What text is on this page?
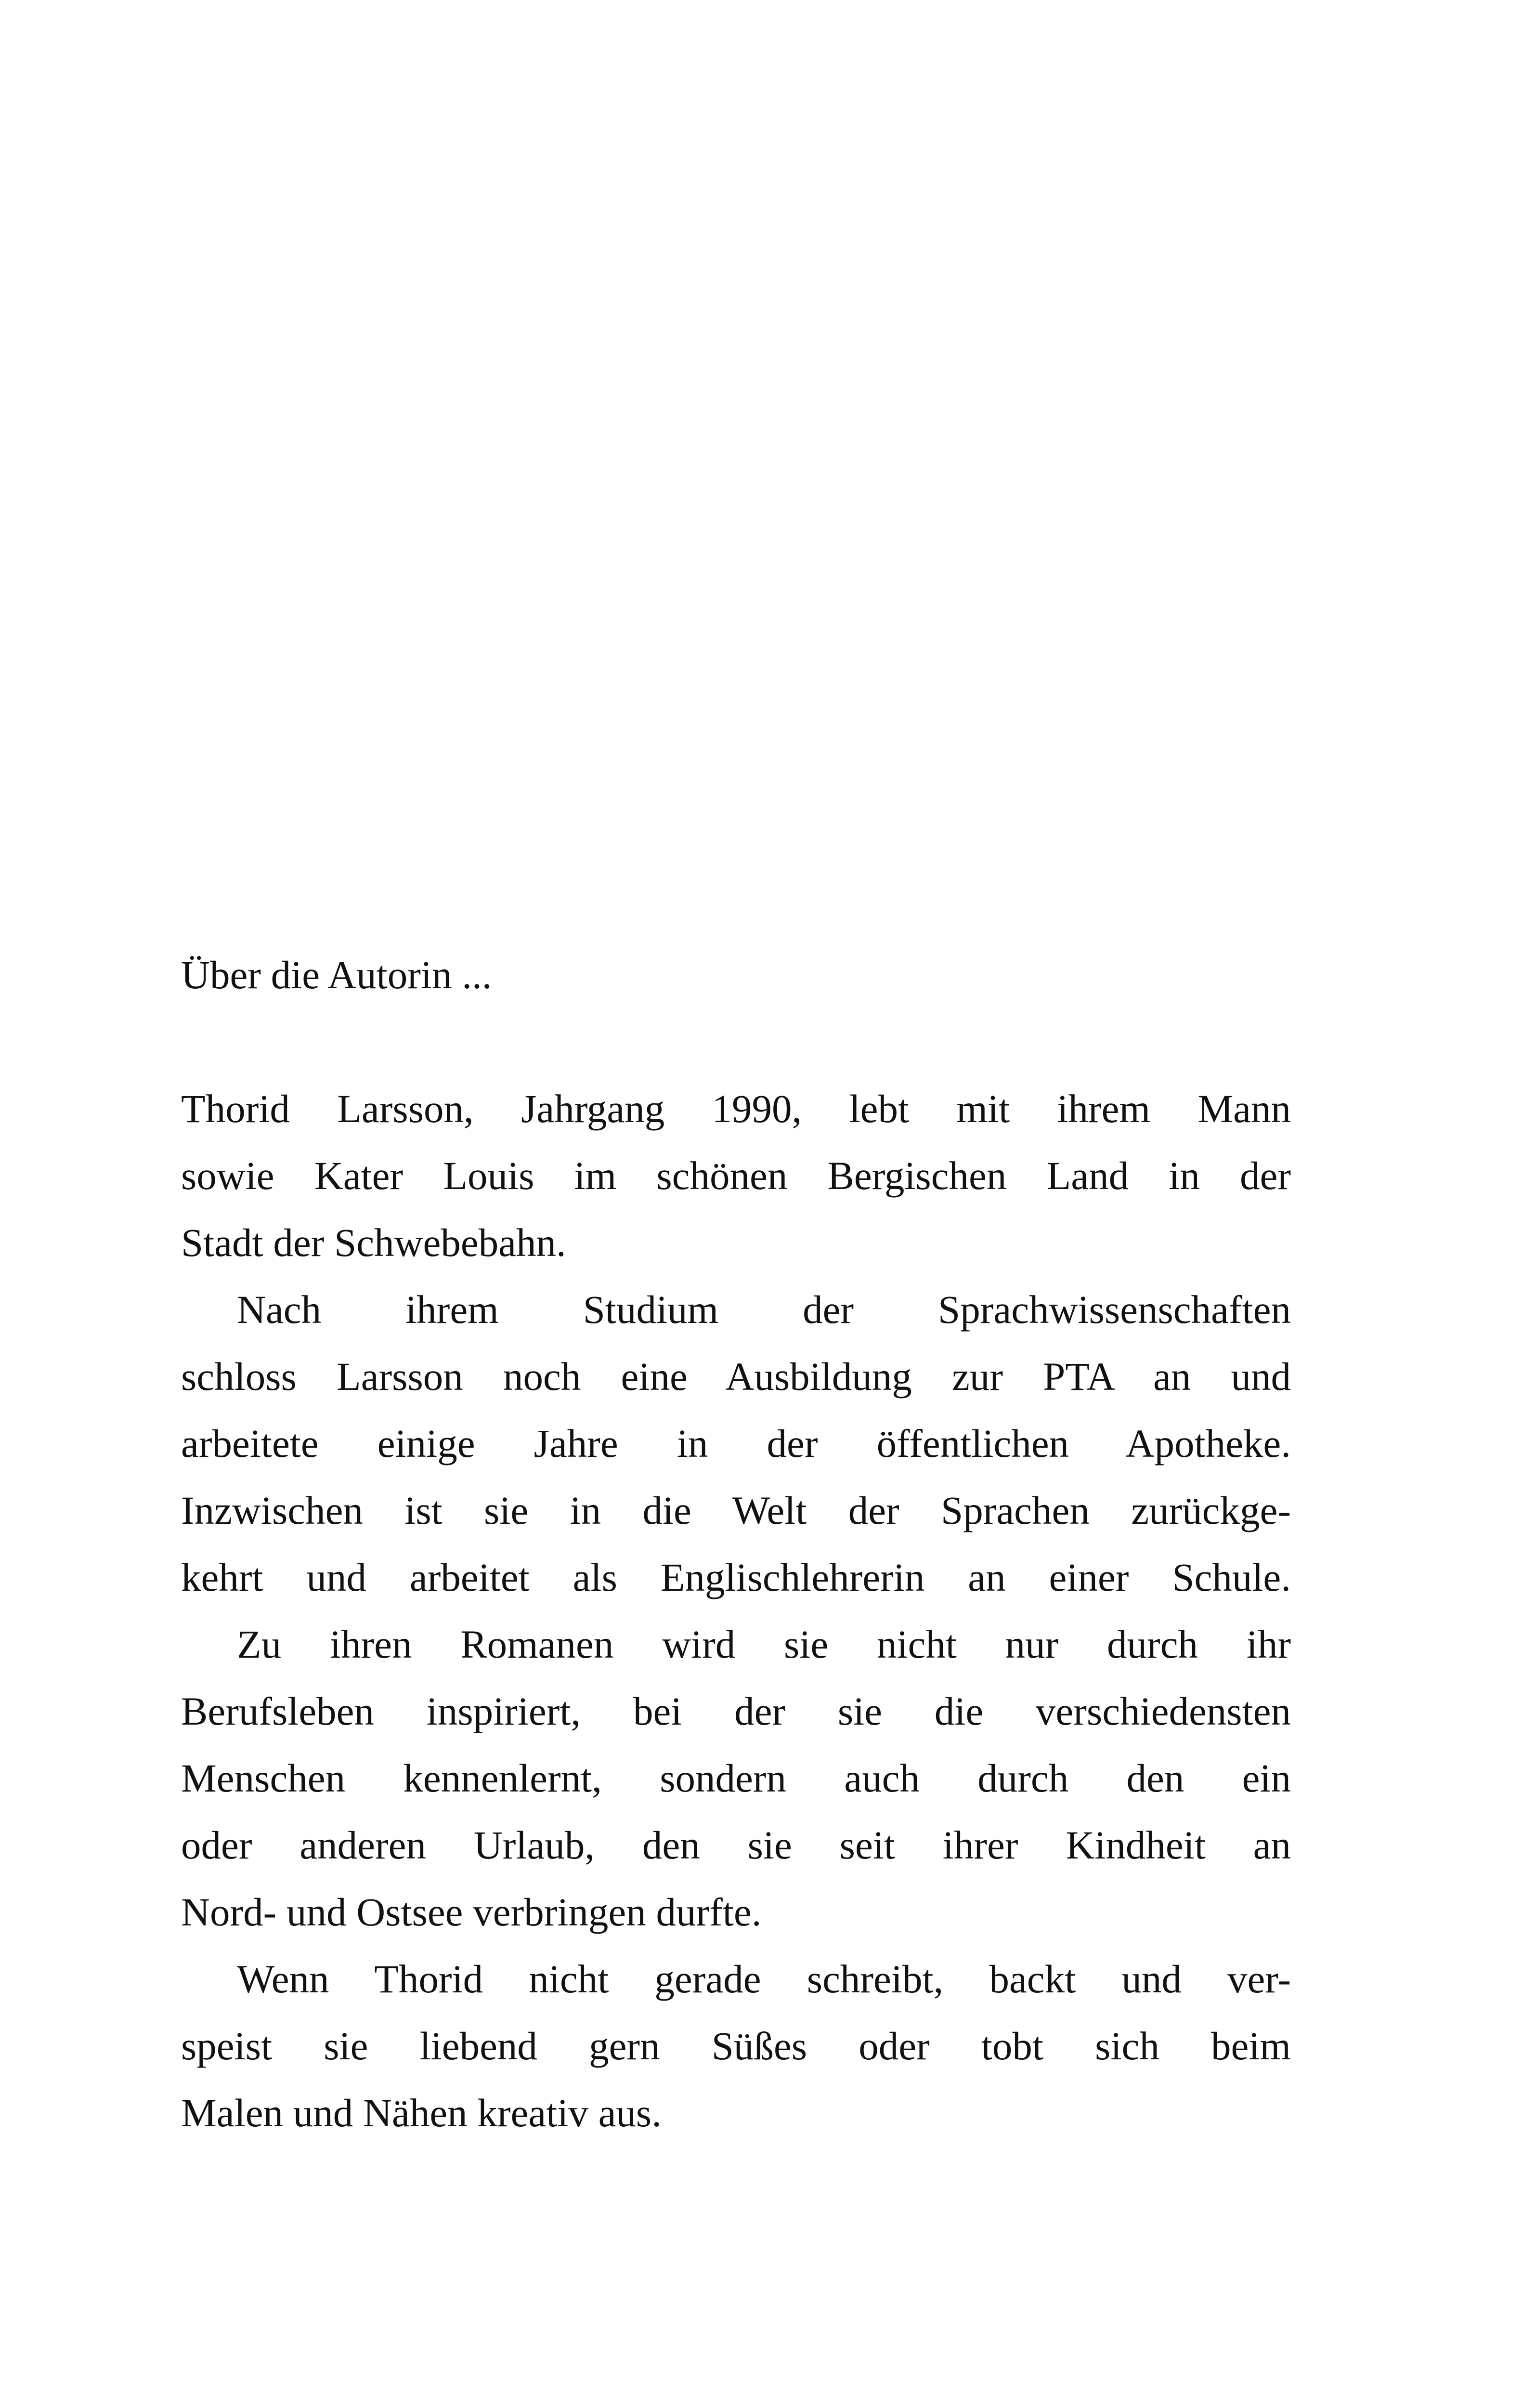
Über die Autorin ...

Thorid Larsson, Jahrgang 1990, lebt mit ihrem Mann
sowie Kater Louis im schönen Bergischen Land in der
Stadt der Schwebebahn.

Nach ihrem Studium der Sprachwissenschaften
schloss Larsson noch eine Ausbildung zur PTA an und
arbeitete einige Jahre in der öffentlichen Apotheke.
Inzwischen ist sie in die Welt der Sprachen zurückge-
kehrt und arbeitet als Englischlehrerin an einer Schule.

Zu ihren Romanen wird sie nicht nur durch ihr
Berufsleben inspiriert, bei der sie die verschiedensten
Menschen kennenlernt, sondern auch durch den ein
oder anderen Urlaub, den sie seit ihrer Kindheit an
Nord- und Ostsee verbringen durfte.

Wenn Thorid nicht gerade schreibt, backt und ver-
speist sie liebend gern Süßes oder tobt sich beim
Malen und Nähen kreativ aus.
